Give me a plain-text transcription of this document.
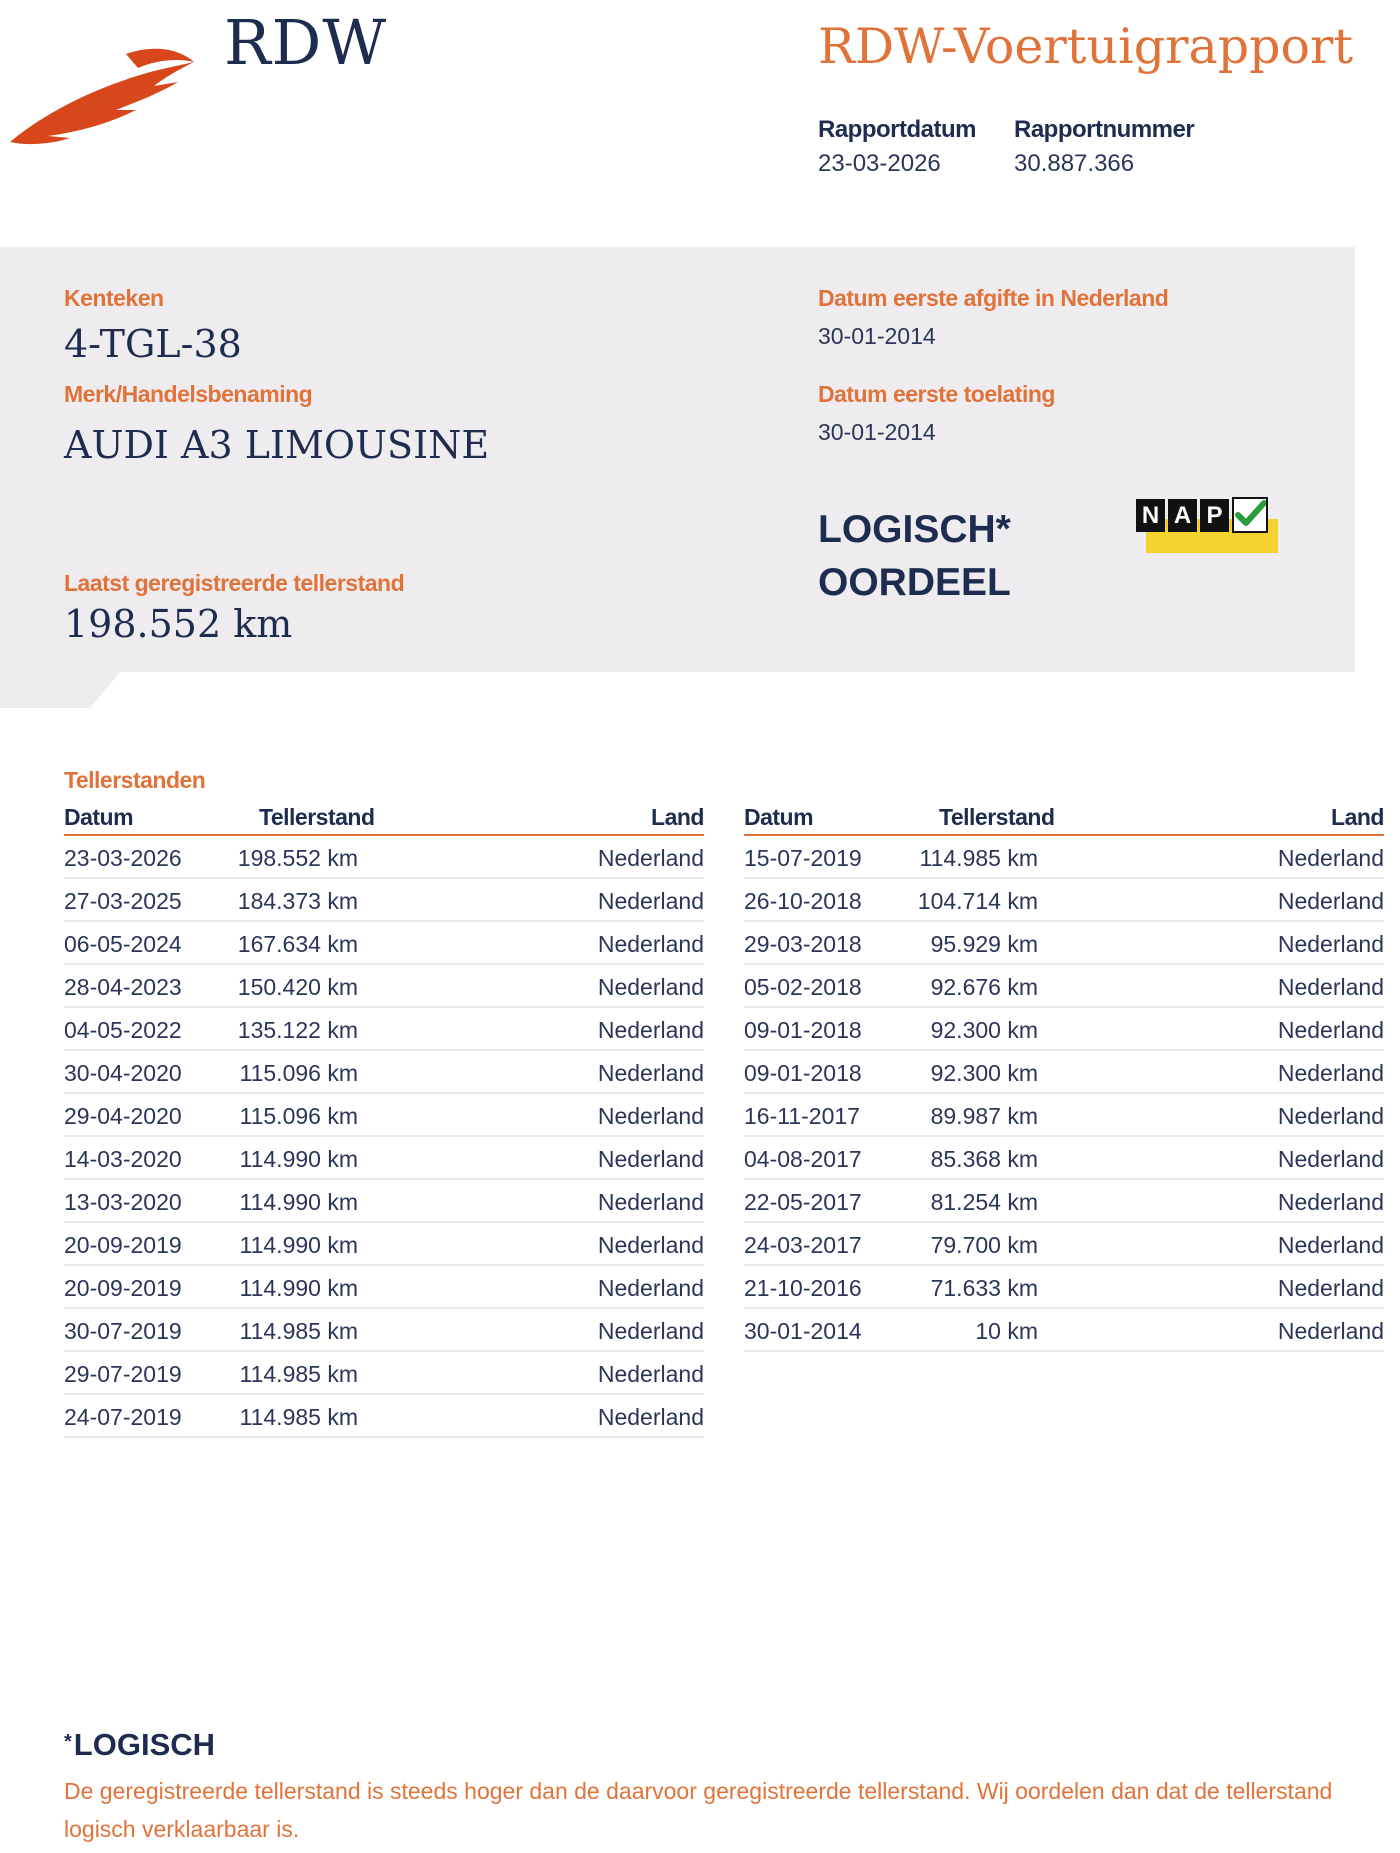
RDW	RDW-Voertuigrapport
Rapportdatum
23-03-2026
Rapportnummer
30.887.366
Kenteken
4-TGL-38
Merk/Handelsbenaming
AUDI A3 LIMOUSINE
Laatst geregistreerde tellerstand
198.552 km
Datum eerste afgifte in Nederland
30-01-2014
Datum eerste toelating
30-01-2014
LOGISCH*
OORDEEL
N A P
Tellerstanden
Datum	Tellerstand	Land
23-03-2026 198.552 km	Nederland
27-03-2025 184.373 km	Nederland
06-05-2024 167.634 km	Nederland
28-04-2023 150.420 km	Nederland
04-05-2022 135.122 km	Nederland
30-04-2020	115.096 km	Nederland
29-04-2020	115.096 km	Nederland
14-03-2020	114.990 km	Nederland
13-03-2020	114.990 km	Nederland
20-09-2019	114.990 km	Nederland
20-09-2019	114.990 km	Nederland
30-07-2019	114.985 km	Nederland
29-07-2019	114.985 km	Nederland
24-07-2019	114.985 km	Nederland
Datum	Tellerstand	Land
15-07-2019	114.985 km	Nederland
26-10-2018 104.714 km	Nederland
29-03-2018	95.929 km	Nederland
05-02-2018	92.676 km	Nederland
09-01-2018	92.300 km	Nederland
09-01-2018	92.300 km	Nederland
16-11-2017	89.987 km	Nederland
04-08-2017	85.368 km	Nederland
22-05-2017	81.254 km	Nederland
24-03-2017	79.700 km	Nederland
21-10-2016	71.633 km	Nederland
30-01-2014	10 km	Nederland
*LOGISCH
De geregistreerde tellerstand is steeds hoger dan de daarvoor geregistreerde tellerstand. Wij oordelen dan dat de tellerstand logisch verklaarbaar is.
